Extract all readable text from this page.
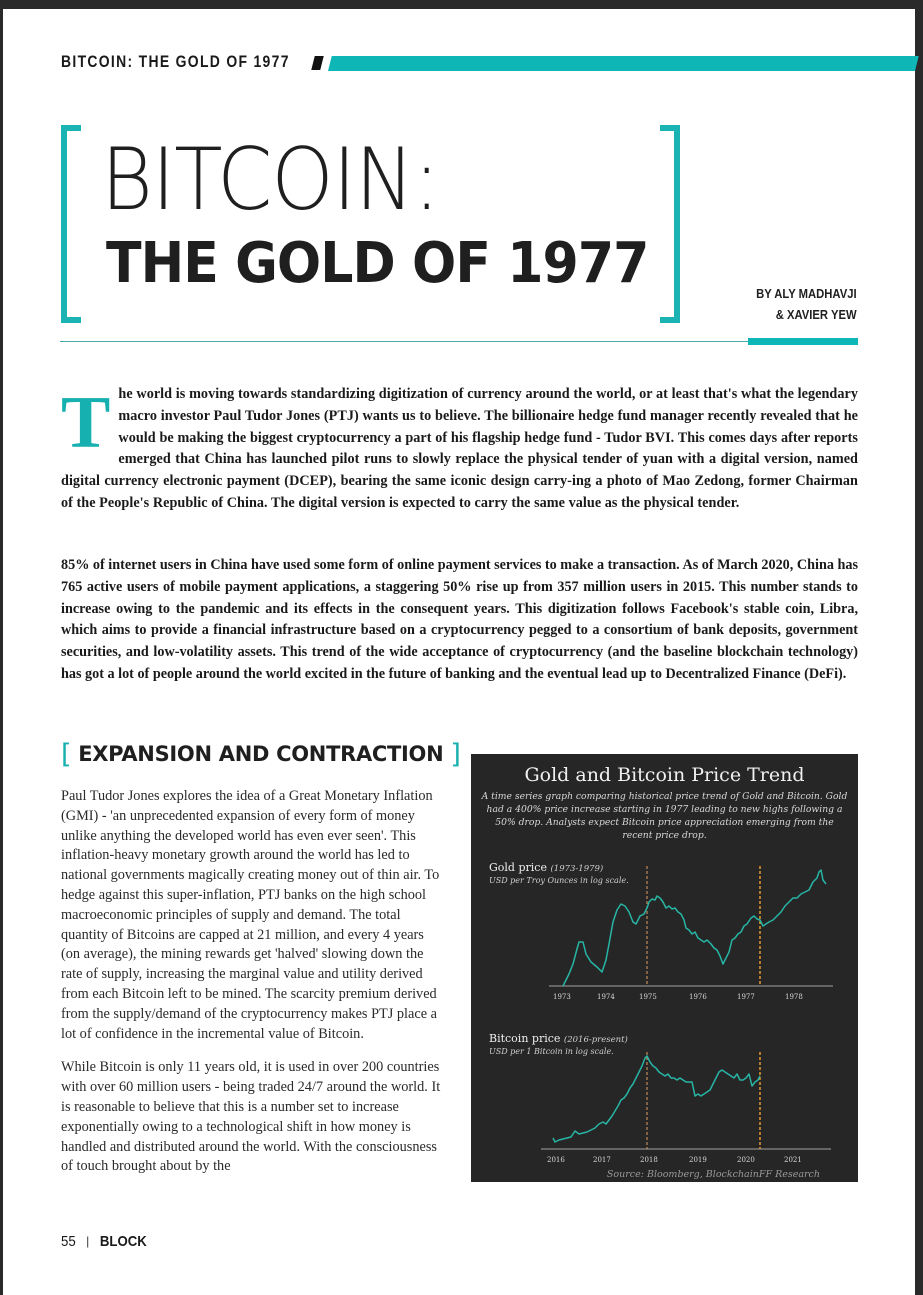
BITCOIN: THE GOLD OF 1977
BITCOIN:
THE GOLD OF 1977	BY ALY MADHAVJI
& XAVIER YEW
The world is moving towards standardizing digitization of currency around the world, or at least that's what the legendary macro investor Paul Tudor Jones (PTJ) wants us to believe. The billionaire hedge fund manager recently revealed that he would be making the biggest cryptocurrency a part of his flagship hedge fund - Tudor BVI. This comes days after reports emerged that China has launched pilot runs to slowly replace the physical tender of yuan with a digital version, named digital currency electronic payment (DCEP), bearing the same iconic design carry-ing a photo of Mao Zedong, former Chairman of the People's Republic of China. The digital version is expected to carry the same value as the physical tender.
85% of internet users in China have used some form of online payment services to make a transaction. As of March 2020, China has 765 active users of mobile payment applications, a staggering 50% rise up from 357 million users in 2015. This number stands to increase owing to the pandemic and its effects in the consequent years. This digitization follows Facebook's stable coin, Libra, which aims to provide a financial infrastructure based on a cryptocurrency pegged to a consortium of bank deposits, government securities, and low-volatility assets. This trend of the wide acceptance of cryptocurrency (and the baseline blockchain technology) has got a lot of people around the world excited in the future of banking and the eventual lead up to Decentralized Finance (DeFi).
[ EXPANSION AND CONTRACTION ]

Paul Tudor Jones explores the idea of a Great Monetary Inflation (GMI) - 'an unprecedented expansion of every form of money unlike anything the developed world has even ever seen'. This inflation-heavy monetary growth around the world has led to national governments magically creating money out of thin air. To hedge against this super-inflation, PTJ banks on the high school macroeconomic principles of supply and demand. The total quantity of Bitcoins are capped at 21 million, and every 4 years (on average), the mining rewards get 'halved' slowing down the rate of supply, increasing the marginal value and utility derived from each Bitcoin left to be mined. The scarcity premium derived from the supply/demand of the cryptocurrency makes PTJ place a lot of confidence in the incremental value of Bitcoin.

While Bitcoin is only 11 years old, it is used in over 200 countries with over 60 million users - being traded 24/7 around the world. It is reasonable to believe that this is a number set to increase exponentially owing to a technological shift in how money is handled and distributed around the world. With the consciousness of touch brought about by the

Gold and Bitcoin Price Trend
A time series graph comparing historical price trend of Gold and Bitcoin. Gold had a 400% price increase starting in 1977 leading to new highs following a 50% drop. Analysts expect Bitcoin price appreciation emerging from the recent price drop.
Gold price (1973-1979)
USD per Troy Ounces in log scale.
1973	1974	1975	1976	1977	1978
Bitcoin price (2016-present)
USD per 1 Bitcoin in log scale.
2016	2017	2018	2019	2020	2021
Source: Bloomberg, BlockchainFF Research
55 | BLOCK
